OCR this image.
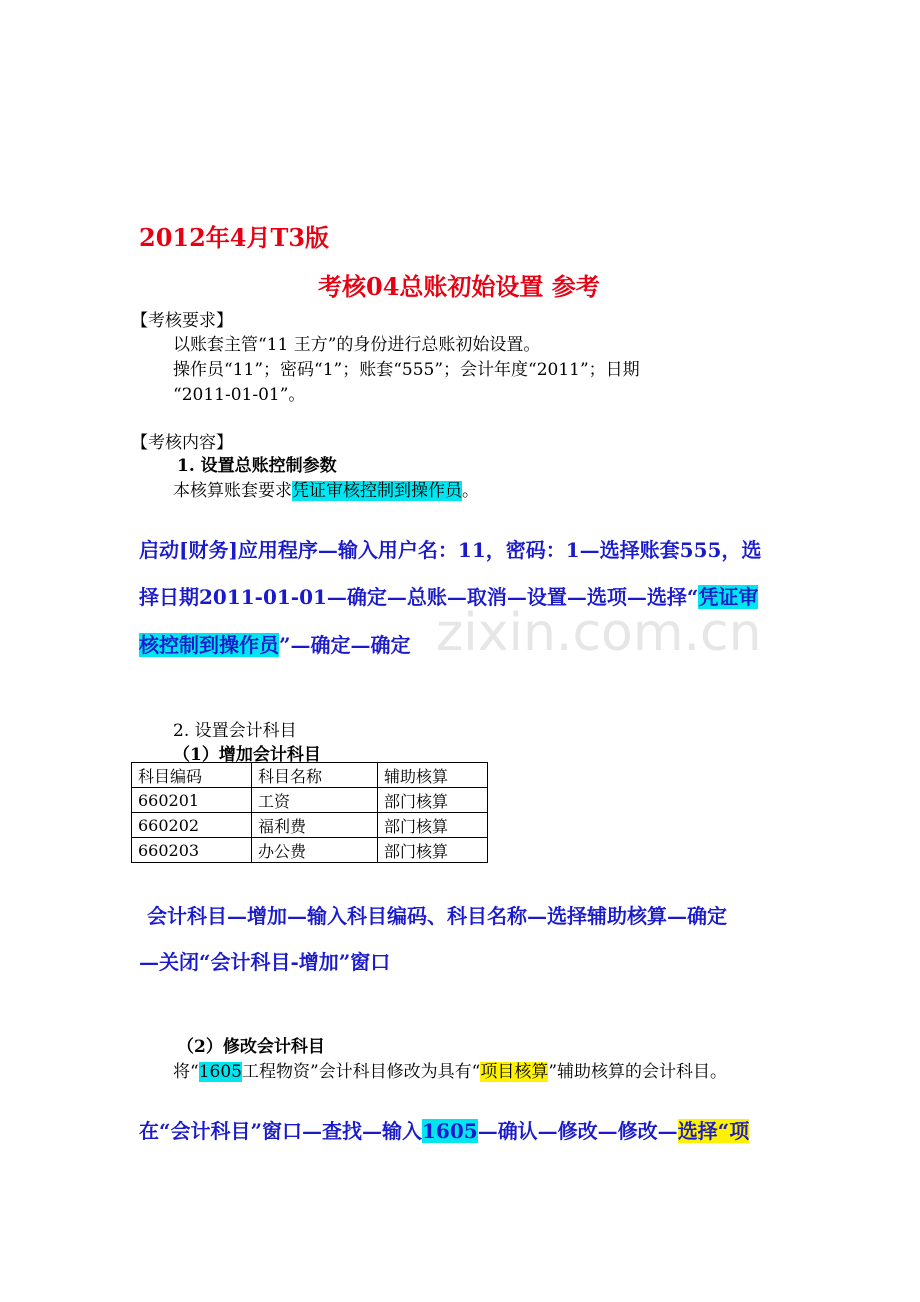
2012年4月T3版
考核04总账初始设置 参考
【考核要求】
以账套主管“11 王方”的身份进行总账初始设置。
操作员“11”；密码“1”；账套“555”；会计年度“2011”；日期
“2011-01-01”。
【考核内容】
1. 设置总账控制参数
本核算账套要求凭证审核控制到操作员。
启动[财务]应用程序—输入用户名：11，密码：1—选择账套555，选
择日期2011-01-01—确定—总账—取消—设置—选项—选择“凭证审
核控制到操作员”—确定—确定 zixin.com.cn
2. 设置会计科目
（1）增加会计科目
科目编码	科目名称	辅助核算
660201	工资	部门核算
660202	福利费	部门核算
660203	办公费	部门核算
会计科目—增加—输入科目编码、科目名称—选择辅助核算—确定
—关闭“会计科目-增加”窗口
（2）修改会计科目
将“1605工程物资”会计科目修改为具有“项目核算”辅助核算的会计科目。
在“会计科目”窗口—查找—输入1605—确认—修改—修改—选择“项
